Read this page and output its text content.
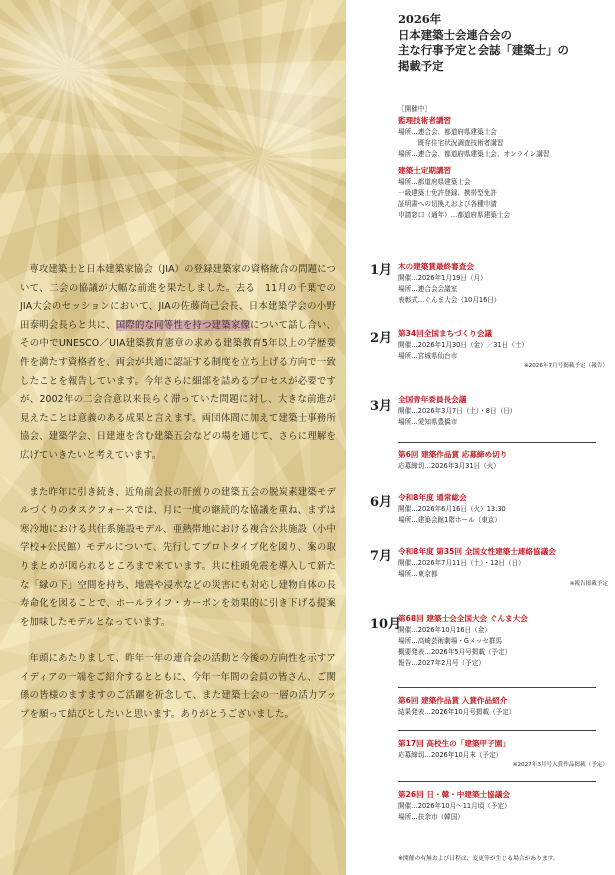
専攻建築士と日本建築家協会（JIA）の登録建築家の資格統合の問題について、二会の協議が大幅な前進を果たしました。去る　11月の千葉でのJIA大会のセッションにおいて、JIAの佐藤尚己会長、日本建築学会の小野田泰明会長らと共に、国際的な同等性を持つ建築家像について話し合い、その中でUNESCO／UIA建築教育憲章の求める建築教育5年以上の学歴要件を満たす資格者を、両会が共通に認証する制度を立ち上げる方向で一致したことを報告しています。今年さらに細部を詰めるプロセスが必要ですが、2002年の二会合意以来長らく滞っていた問題に対し、大きな前進が見えたことは意義のある成果と言えます。両団体間に加えて建築士事務所協会、建築学会、日建連を含む建築五会などの場を通じて、さらに理解を広げていきたいと考えています。

また昨年に引き続き、近角前会長の肝煎りの建築五会の脱炭素建築モデルづくりのタスクフォースでは、月に一度の継続的な協議を重ね、まずは寒冷地における共住系施設モデル、亜熱帯地における複合公共施設（小中学校+公民館）モデルについて、先行してプロトタイプ化を図り、案の取りまとめが図られるところまで来ています。共に柱頭免震を導入して新たな「縁の下」空間を持ち、地震や浸水などの災害にも対応し建物自体の長寿命化を図ることで、ホールライフ・カーボンを効果的に引き下げる提案を加味したモデルとなっています。

年頭にあたりまして、昨年一年の連合会の活動と今後の方向性を示すアイディアの一端をご紹介するとともに、今年一年間の会員の皆さん、ご関係の皆様のますますのご活躍を祈念して、また建築士会の一層の活力アップを願って結びとしたいと思います。ありがとうございました。

2026年
日本建築士会連合会の
主な行事予定と会誌「建築士」の
掲載予定
［開催中］
監理技術者講習
場所…連合会、都道府県建築士会
　　　既存住宅状況調査技術者講習
場所…連合会、都道府県建築士会、オンライン講習
建築士定期講習
場所…都道府県建築士会
一級建築士免許登録、携帯型免許
証明書への切換えおよび各種申請
申請窓口（通年）…都道府県建築士会
1月 木の建築賞最終審査会
開催…2026年1月19日（月）
場所…連合会会議室
表彰式…ぐんま大会（10月16日）
2月 第34回全国まちづくり会議
開催…2026年1月30日（金）／31日（土）
場所…宮城県仙台市
※2026年7月号掲載予定（報告）
3月 全国青年委員長会議
開催…2026年3月7日（土）・8日（日）
場所…愛知県豊橋市
第6回 建築作品賞 応募締め切り
応募締切…2026年3月31日（火）
6月 令和8年度 通常総会
開催…2026年6月16日（火）13:30
場所…建築会館1階ホール（東京）
7月 令和8年度 第35回 全国女性建築士連絡協議会
開催…2026年7月11日（土）・12日（日）
場所…東京都
※報告掲載予定
10月
第68回 建築士会全国大会 ぐんま大会
開催…2026年10月16日（金）
場所…高崎芸術劇場・Gメッセ群馬
概要発表…2026年5月号掲載（予定）
報告…2027年2月号（予定）
第6回 建築作品賞 入賞作品紹介
結果発表…2026年10月号掲載（予定）
第17回 高校生の「建築甲子園」
応募締切…2026年10月末（予定）
※2027年3月号入賞作品掲載（予定）
第26回 日・韓・中建築士協議会
開催…2026年10月～11月頃（予定）
場所…扶余市（韓国）
※開催の有無および日程は、変更等が生じる場合があります。
